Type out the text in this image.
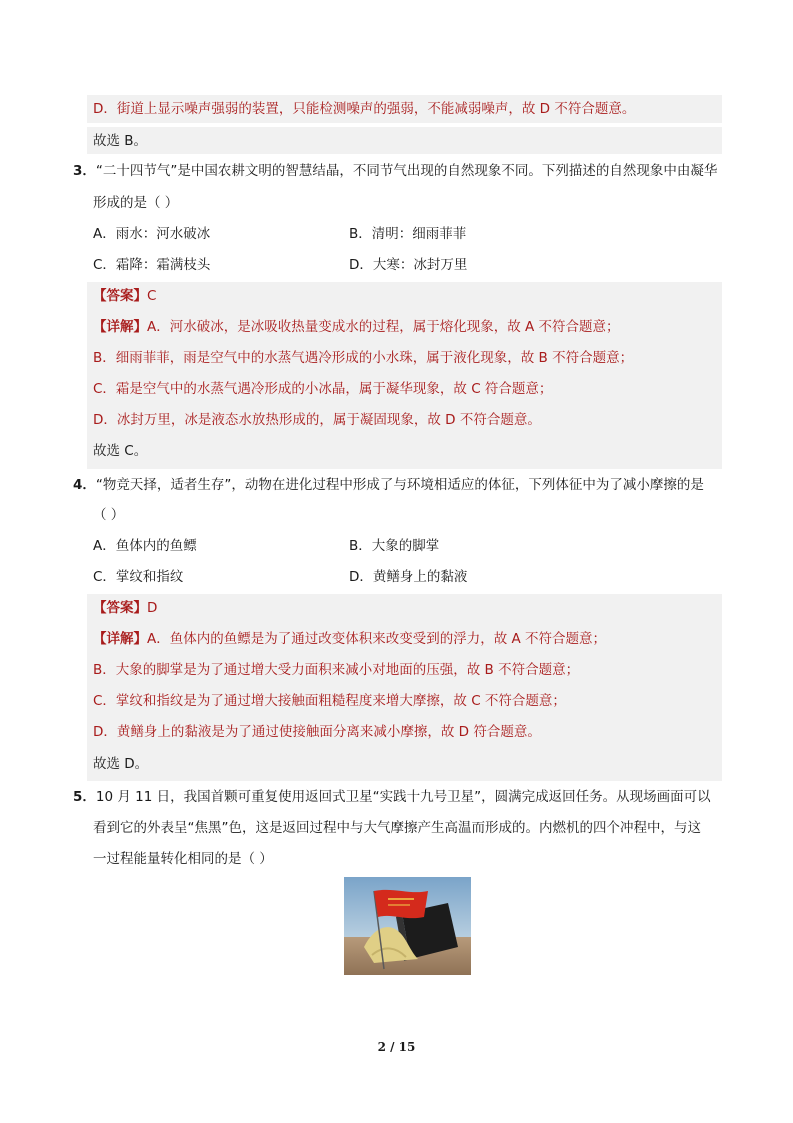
D．街道上显示噪声强弱的装置，只能检测噪声的强弱，不能减弱噪声，故 D 不符合题意。
故选 B。
3．“二十四节气”是中国农耕文明的智慧结晶，不同节气出现的自然现象不同。下列描述的自然现象中由凝华
形成的是（ ）
A．雨水：河水破冰	B．清明：细雨菲菲
C．霜降：霜满枝头	D．大寒：冰封万里
【答案】C
【详解】A．河水破冰，是冰吸收热量变成水的过程，属于熔化现象，故 A 不符合题意；
B．细雨菲菲，雨是空气中的水蒸气遇冷形成的小水珠，属于液化现象，故 B 不符合题意；
C．霜是空气中的水蒸气遇冷形成的小冰晶，属于凝华现象，故 C 符合题意；
D．冰封万里，冰是液态水放热形成的，属于凝固现象，故 D 不符合题意。
故选 C。
4．“物竞天择，适者生存”，动物在进化过程中形成了与环境相适应的体征，下列体征中为了减小摩擦的是
（ ）
A．鱼体内的鱼鳔	B．大象的脚掌
C．掌纹和指纹	D．黄鳝身上的黏液
【答案】D
【详解】A．鱼体内的鱼鳔是为了通过改变体积来改变受到的浮力，故 A 不符合题意；
B．大象的脚掌是为了通过增大受力面积来减小对地面的压强，故 B 不符合题意；
C．掌纹和指纹是为了通过增大接触面粗糙程度来增大摩擦，故 C 不符合题意；
D．黄鳝身上的黏液是为了通过使接触面分离来减小摩擦，故 D 符合题意。
故选 D。
5．10 月 11 日，我国首颗可重复使用返回式卫星“实践十九号卫星”，圆满完成返回任务。从现场画面可以
看到它的外表呈“焦黑”色，这是返回过程中与大气摩擦产生高温而形成的。内燃机的四个冲程中，与这
一过程能量转化相同的是（ ）
2 / 15
